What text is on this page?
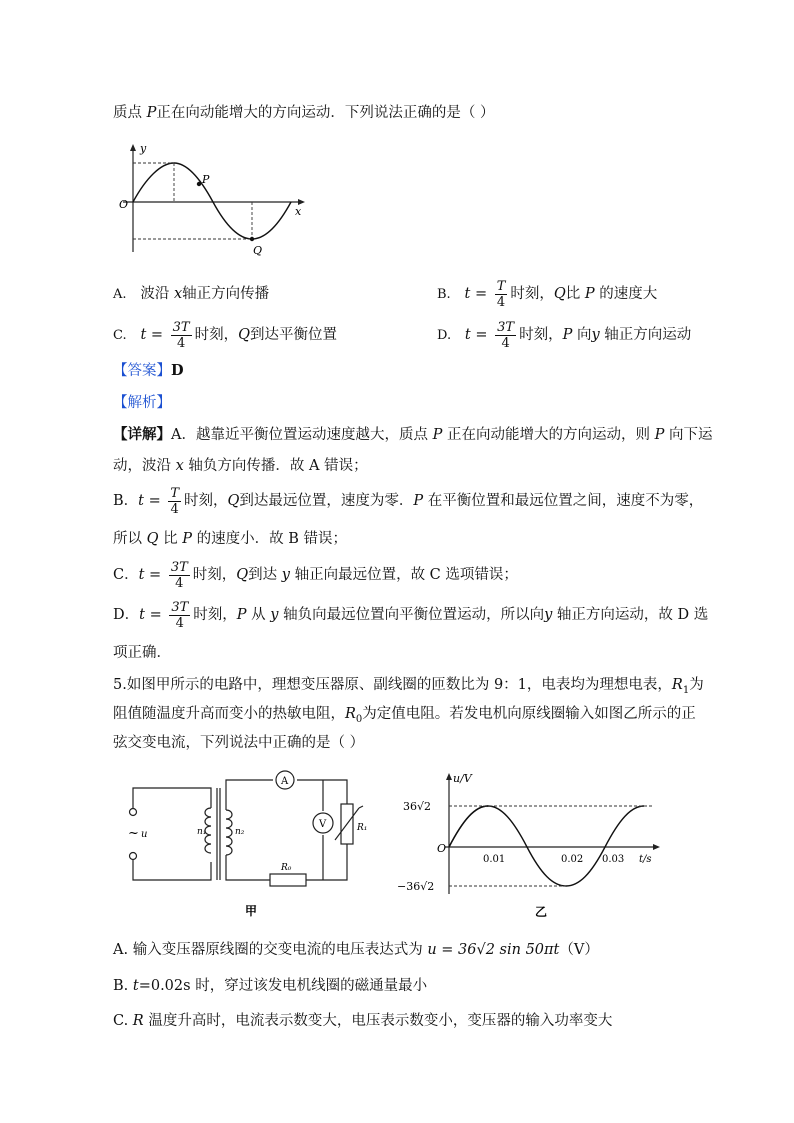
质点 P正在向动能增大的方向运动．下列说法正确的是（ ）
y
x
O
P
Q
A. 波沿 x轴正方向传播	B. $t = \frac{T}{4}$ 时刻，Q比 P 的速度大
C. $t = \frac{3T}{4}$ 时刻，Q到达平衡位置	D. $t = \frac{3T}{4}$ 时刻，P 向y 轴正方向运动
【答案】D
【解析】
【详解】A．越靠近平衡位置运动速度越大，质点 P 正在向动能增大的方向运动，则 P 向下运
动，波沿 x 轴负方向传播．故 A 错误；
B．$t = \frac{T}{4}$ 时刻，Q到达最远位置，速度为零．P 在平衡位置和最远位置之间，速度不为零，
所以 Q 比 P 的速度小．故 B 错误；
C．$t = \frac{3T}{4}$ 时刻，Q到达 y 轴正向最远位置，故 C 选项错误；
D．$t = \frac{3T}{4}$ 时刻，P 从 y 轴负向最远位置向平衡位置运动，所以向y 轴正方向运动，故 D 选
项正确．
5.如图甲所示的电路中，理想变压器原、副线圈的匝数比为 9：1，电表均为理想电表，$R_1$为
阻值随温度升高而变小的热敏电阻，$R_0$为定值电阻。若发电机向原线圈输入如图乙所示的正
弦交变电流，下列说法中正确的是（ ）
~ u	n₁	n₂
A
V	R₁
R₀
甲
u/V
36√2
−36√2
O
0.01	0.02 0.03 t/s
乙
A. 输入变压器原线圈的交变电流的电压表达式为 u = 36√2 sin 50πt（V）
B. t=0.02s 时，穿过该发电机线圈的磁通量最小
C. R 温度升高时，电流表示数变大，电压表示数变小，变压器的输入功率变大
